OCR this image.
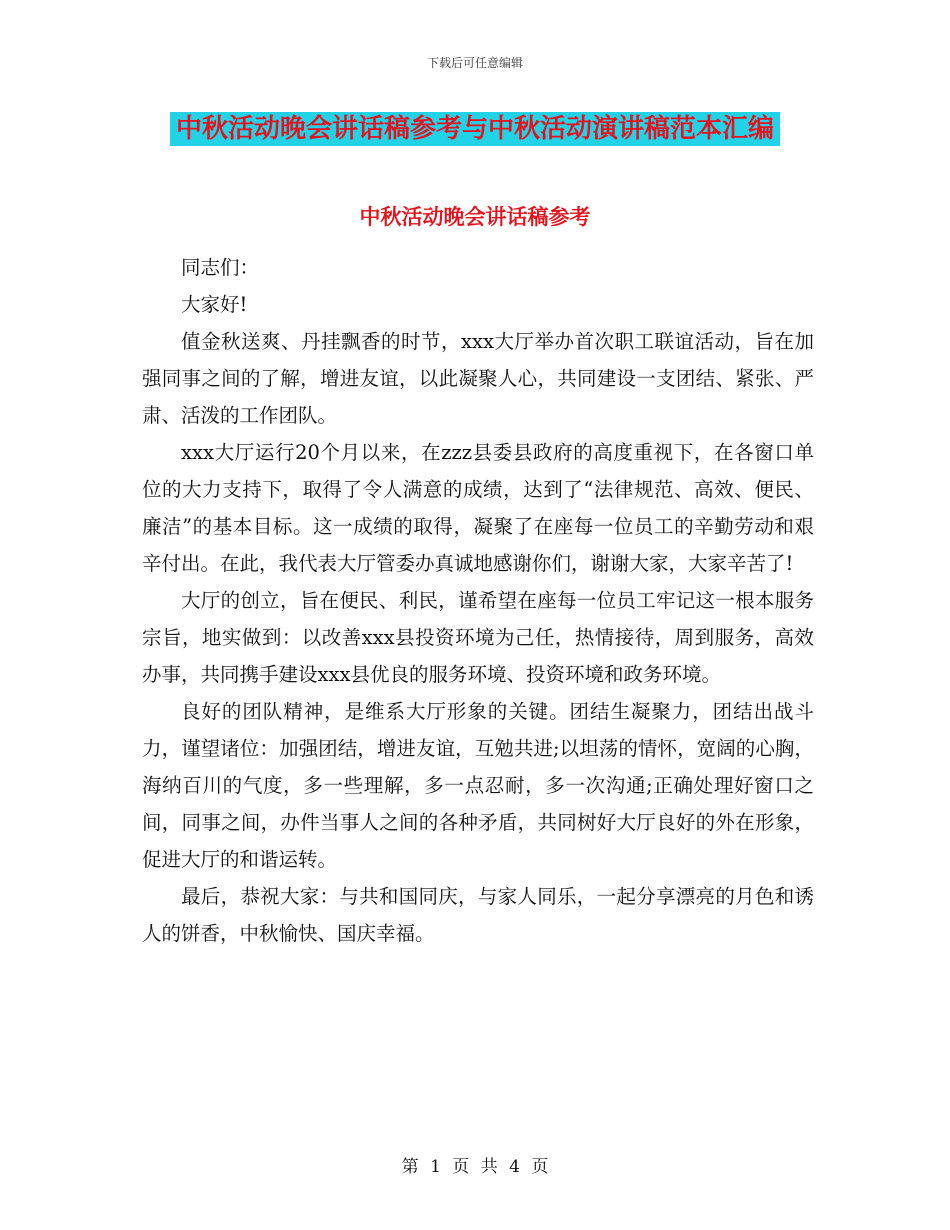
下载后可任意编辑
中秋活动晚会讲话稿参考与中秋活动演讲稿范本汇编
中秋活动晚会讲话稿参考

同志们：

大家好!

值金秋送爽、丹挂飘香的时节，xxx大厅举办首次职工联谊活动，旨在加强同事之间的了解，增进友谊，以此凝聚人心，共同建设一支团结、紧张、严肃、活泼的工作团队。

xxx大厅运行20个月以来，在zzz县委县政府的高度重视下，在各窗口单位的大力支持下，取得了令人满意的成绩，达到了“法律规范、高效、便民、廉洁”的基本目标。这一成绩的取得，凝聚了在座每一位员工的辛勤劳动和艰辛付出。在此，我代表大厅管委办真诚地感谢你们，谢谢大家，大家辛苦了!

大厅的创立，旨在便民、利民，谨希望在座每一位员工牢记这一根本服务宗旨，地实做到：以改善xxx县投资环境为己任，热情接待，周到服务，高效办事，共同携手建设xxx县优良的服务环境、投资环境和政务环境。

良好的团队精神，是维系大厅形象的关键。团结生凝聚力，团结出战斗力，谨望诸位：加强团结，增进友谊，互勉共进;以坦荡的情怀，宽阔的心胸，海纳百川的气度，多一些理解，多一点忍耐，多一次沟通;正确处理好窗口之间，同事之间，办件当事人之间的各种矛盾，共同树好大厅良好的外在形象，促进大厅的和谐运转。

最后，恭祝大家：与共和国同庆，与家人同乐，一起分享漂亮的月色和诱人的饼香，中秋愉快、国庆幸福。

第 1 页 共 4 页
